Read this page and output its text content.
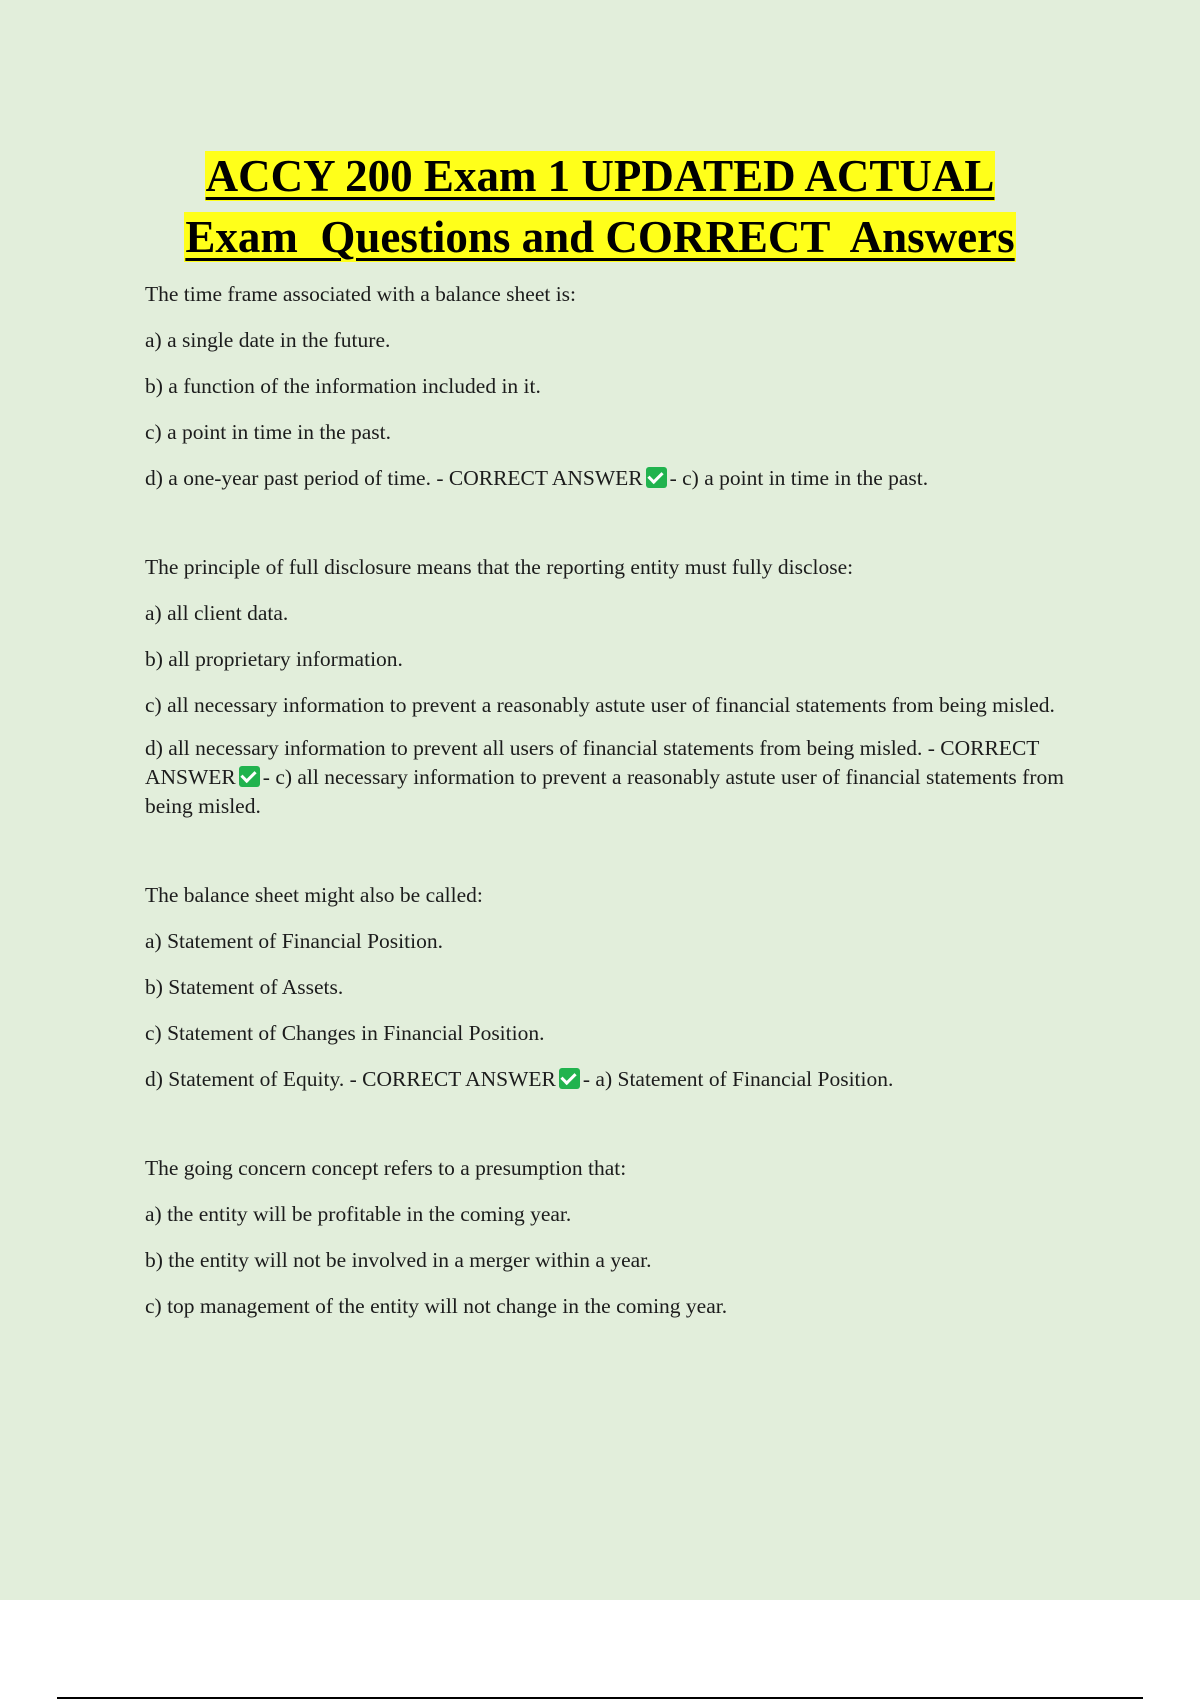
ACCY 200 Exam 1 UPDATED ACTUAL
Exam  Questions and CORRECT  Answers

The time frame associated with a balance sheet is:

a) a single date in the future.

b) a function of the information included in it.

c) a point in time in the past.

d) a one-year past period of time. - CORRECT ANSWER - c) a point in time in the past.

The principle of full disclosure means that the reporting entity must fully disclose:

a) all client data.

b) all proprietary information.

c) all necessary information to prevent a reasonably astute user of financial statements from being misled.

d) all necessary information to prevent all users of financial statements from being misled. - CORRECT ANSWER - c) all necessary information to prevent a reasonably astute user of financial statements from being misled.

The balance sheet might also be called:

a) Statement of Financial Position.

b) Statement of Assets.

c) Statement of Changes in Financial Position.

d) Statement of Equity. - CORRECT ANSWER - a) Statement of Financial Position.

The going concern concept refers to a presumption that:

a) the entity will be profitable in the coming year.

b) the entity will not be involved in a merger within a year.

c) top management of the entity will not change in the coming year.
